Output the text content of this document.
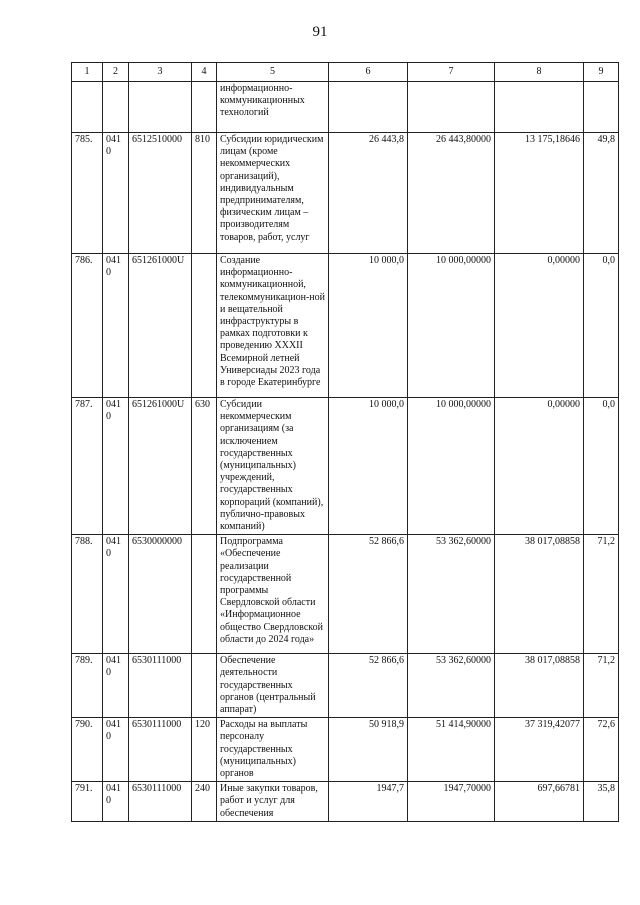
91
1	2	3	4	5	6	7	8	9
				информационно-
коммуникационных
технологий				
785.	0410	6512510000	810	Субсидии юридическим лицам (кроме некоммерческих организаций), индивидуальным предпринимателям, физическим лицам – производителям товаров, работ, услуг	26 443,8	26 443,80000	13 175,18646	49,8
786.	0410	651261000U		Создание информационно-коммуникационной, телекоммуникацион-ной и вещательной инфраструктуры в рамках подготовки к проведению XXXII Всемирной летней Универсиады 2023 года в городе Екатеринбурге	10 000,0	10 000,00000	0,00000	0,0
787.	0410	651261000U	630	Субсидии некоммерческим организациям (за исключением государственных (муниципальных) учреждений, государственных корпораций (компаний), публично-правовых компаний)	10 000,0	10 000,00000	0,00000	0,0
788.	0410	6530000000		Подпрограмма «Обеспечение реализации государственной программы Свердловской области «Информационное общество Свердловской области до 2024 года»	52 866,6	53 362,60000	38 017,08858	71,2
789.	0410	6530111000		Обеспечение деятельности государственных органов (центральный аппарат)	52 866,6	53 362,60000	38 017,08858	71,2
790.	0410	6530111000	120	Расходы на выплаты персоналу государственных (муниципальных) органов	50 918,9	51 414,90000	37 319,42077	72,6
791.	0410	6530111000	240	Иные закупки товаров, работ и услуг для обеспечения	1947,7	1947,70000	697,66781	35,8
